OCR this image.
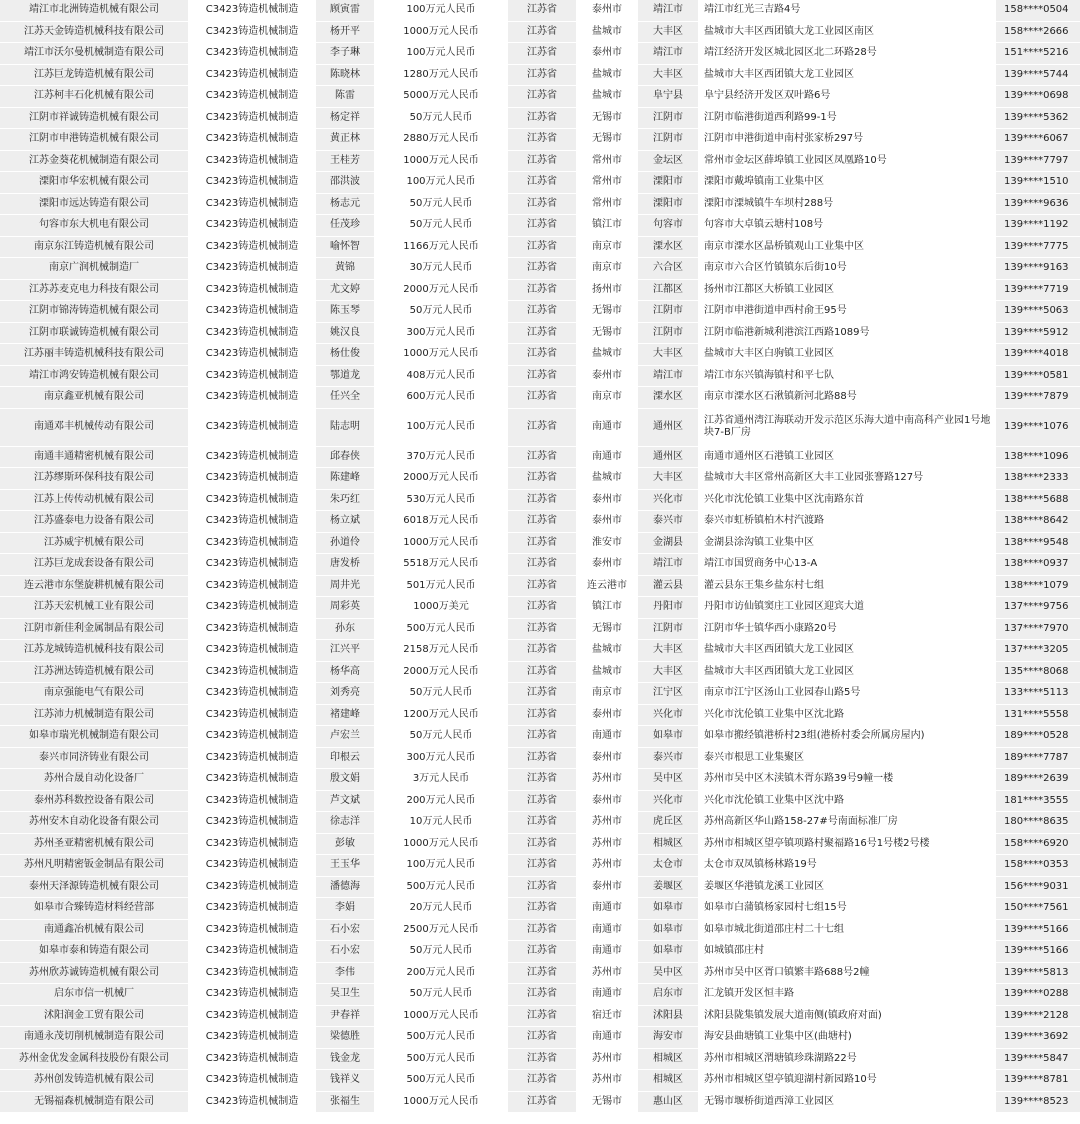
靖江市北洲铸造机械有限公司	C3423铸造机械制造	顾寅雷	100万元人民币	江苏省	泰州市	靖江市	靖江市红光三吉路4号	158****0504
江苏天金铸造机械科技有限公司	C3423铸造机械制造	杨开平	1000万元人民币	江苏省	盐城市	大丰区	盐城市大丰区西团镇大龙工业园区南区	158****2666
靖江市沃尔曼机械制造有限公司	C3423铸造机械制造	李子琳	100万元人民币	江苏省	泰州市	靖江市	靖江经济开发区城北园区北二环路28号	151****5216
江苏巨龙铸造机械有限公司	C3423铸造机械制造	陈晓林	1280万元人民币	江苏省	盐城市	大丰区	盐城市大丰区西团镇大龙工业园区	139****5744
江苏柯丰石化机械有限公司	C3423铸造机械制造	陈雷	5000万元人民币	江苏省	盐城市	阜宁县	阜宁县经济开发区双叶路6号	139****0698
江阴市祥诚铸造机械有限公司	C3423铸造机械制造	杨定祥	50万元人民币	江苏省	无锡市	江阴市	江阴市临港街道西利路99-1号	139****5362
江阴市申港铸造机械有限公司	C3423铸造机械制造	黄正林	2880万元人民币	江苏省	无锡市	江阴市	江阴市申港街道申南村张家桥297号	139****6067
江苏金葵花机械制造有限公司	C3423铸造机械制造	王桂芳	1000万元人民币	江苏省	常州市	金坛区	常州市金坛区薛埠镇工业园区凤凰路10号	139****7797
溧阳市华宏机械有限公司	C3423铸造机械制造	邵洪波	100万元人民币	江苏省	常州市	溧阳市	溧阳市戴埠镇南工业集中区	139****1510
溧阳市远达铸造有限公司	C3423铸造机械制造	杨志元	50万元人民币	江苏省	常州市	溧阳市	溧阳市溧城镇牛车坝村288号	139****9636
句容市东大机电有限公司	C3423铸造机械制造	任茂珍	50万元人民币	江苏省	镇江市	句容市	句容市大卓镇云塘村108号	139****1192
南京东江铸造机械有限公司	C3423铸造机械制造	喻怀智	1166万元人民币	江苏省	南京市	溧水区	南京市溧水区晶桥镇观山工业集中区	139****7775
南京广润机械制造厂	C3423铸造机械制造	黄锦	30万元人民币	江苏省	南京市	六合区	南京市六合区竹镇镇东后街10号	139****9163
江苏苏麦克电力科技有限公司	C3423铸造机械制造	尤文婷	2000万元人民币	江苏省	扬州市	江都区	扬州市江都区大桥镇工业园区	139****7719
江阴市锦涛铸造机械有限公司	C3423铸造机械制造	陈玉琴	50万元人民币	江苏省	无锡市	江阴市	江阴市申港街道申西村俞王95号	139****5063
江阴市联诚铸造机械有限公司	C3423铸造机械制造	姚汉良	300万元人民币	江苏省	无锡市	江阴市	江阴市临港新城利港滨江西路1089号	139****5912
江苏丽丰铸造机械科技有限公司	C3423铸造机械制造	杨仕俊	1000万元人民币	江苏省	盐城市	大丰区	盐城市大丰区白驹镇工业园区	139****4018
靖江市鸿安铸造机械有限公司	C3423铸造机械制造	鄂道龙	408万元人民币	江苏省	泰州市	靖江市	靖江市东兴镇海镇村和平七队	139****0581
南京鑫亚机械有限公司	C3423铸造机械制造	任兴全	600万元人民币	江苏省	南京市	溧水区	南京市溧水区石湫镇新河北路88号	139****7879
南通邓丰机械传动有限公司	C3423铸造机械制造	陆志明	100万元人民币	江苏省	南通市	通州区	江苏省通州湾江海联动开发示范区乐海大道中南高科产业园1号地块7-B厂房	139****1076
南通丰通精密机械有限公司	C3423铸造机械制造	邱春侠	370万元人民币	江苏省	南通市	通州区	南通市通州区石港镇工业园区	138****1096
江苏缪斯环保科技有限公司	C3423铸造机械制造	陈建峰	2000万元人民币	江苏省	盐城市	大丰区	盐城市大丰区常州高新区大丰工业园张謇路127号	138****2333
江苏上传传动机械有限公司	C3423铸造机械制造	朱巧红	530万元人民币	江苏省	泰州市	兴化市	兴化市沈伦镇工业集中区沈南路东首	138****5688
江苏盛泰电力设备有限公司	C3423铸造机械制造	杨立斌	6018万元人民币	江苏省	泰州市	泰兴市	泰兴市虹桥镇柏木村汽渡路	138****8642
江苏威宇机械有限公司	C3423铸造机械制造	孙道伶	1000万元人民币	江苏省	淮安市	金湖县	金湖县涂沟镇工业集中区	138****9548
江苏巨龙成套设备有限公司	C3423铸造机械制造	唐发桥	5518万元人民币	江苏省	泰州市	靖江市	靖江市国贸商务中心13-A	138****0937
连云港市东堡旋耕机械有限公司	C3423铸造机械制造	周井光	501万元人民币	江苏省	连云港市	灌云县	灌云县东王集乡盐东村七组	138****1079
江苏天宏机械工业有限公司	C3423铸造机械制造	周彩英	1000万美元	江苏省	镇江市	丹阳市	丹阳市访仙镇窦庄工业园区迎宾大道	137****9756
江阴市新佳利金属制品有限公司	C3423铸造机械制造	孙东	500万元人民币	江苏省	无锡市	江阴市	江阴市华士镇华西小康路20号	137****7970
江苏龙城铸造机械科技有限公司	C3423铸造机械制造	江兴平	2158万元人民币	江苏省	盐城市	大丰区	盐城市大丰区西团镇大龙工业园区	137****3205
江苏洲达铸造机械有限公司	C3423铸造机械制造	杨华高	2000万元人民币	江苏省	盐城市	大丰区	盐城市大丰区西团镇大龙工业园区	135****8068
南京强能电气有限公司	C3423铸造机械制造	刘秀亮	50万元人民币	江苏省	南京市	江宁区	南京市江宁区汤山工业园春山路5号	133****5113
江苏沛力机械制造有限公司	C3423铸造机械制造	褚建峰	1200万元人民币	江苏省	泰州市	兴化市	兴化市沈伦镇工业集中区沈北路	131****5558
如皋市瑞光机械制造有限公司	C3423铸造机械制造	卢宏兰	50万元人民币	江苏省	南通市	如皋市	如皋市搬经镇港桥村23组(港桥村委会所属房屋内)	189****0528
泰兴市同济铸业有限公司	C3423铸造机械制造	印根云	300万元人民币	江苏省	泰州市	泰兴市	泰兴市根思工业集聚区	189****7787
苏州合晟自动化设备厂	C3423铸造机械制造	殷文娟	3万元人民币	江苏省	苏州市	吴中区	苏州市吴中区木渎镇木胥东路39号9幢一楼	189****2639
泰州苏科数控设备有限公司	C3423铸造机械制造	芦文斌	200万元人民币	江苏省	泰州市	兴化市	兴化市沈伦镇工业集中区沈中路	181****3555
苏州安木自动化设备有限公司	C3423铸造机械制造	徐志洋	10万元人民币	江苏省	苏州市	虎丘区	苏州高新区华山路158-27#号南面标准厂房	180****8635
苏州圣亚精密机械有限公司	C3423铸造机械制造	彭敏	1000万元人民币	江苏省	苏州市	相城区	苏州市相城区望亭镇项路村聚福路16号1号楼2号楼	158****6920
苏州凡明精密钣金制品有限公司	C3423铸造机械制造	王玉华	100万元人民币	江苏省	苏州市	太仓市	太仓市双凤镇杨林路19号	158****0353
泰州天泽源铸造机械有限公司	C3423铸造机械制造	潘德海	500万元人民币	江苏省	泰州市	姜堰区	姜堰区华港镇龙溪工业园区	156****9031
如皋市合臻铸造材料经营部	C3423铸造机械制造	李娟	20万元人民币	江苏省	南通市	如皋市	如皋市白蒲镇杨家园村七组15号	150****7561
南通鑫冶机械有限公司	C3423铸造机械制造	石小宏	2500万元人民币	江苏省	南通市	如皋市	如皋市城北街道邵庄村二十七组	139****5166
如皋市泰和铸造有限公司	C3423铸造机械制造	石小宏	50万元人民币	江苏省	南通市	如皋市	如城镇邵庄村	139****5166
苏州欣苏诚铸造机械有限公司	C3423铸造机械制造	李伟	200万元人民币	江苏省	苏州市	吴中区	苏州市吴中区胥口镇繁丰路688号2幢	139****5813
启东市信一机械厂	C3423铸造机械制造	吴卫生	50万元人民币	江苏省	南通市	启东市	汇龙镇开发区恒丰路	139****0288
沭阳润金工贸有限公司	C3423铸造机械制造	尹春祥	1000万元人民币	江苏省	宿迁市	沭阳县	沭阳县陇集镇发展大道南侧(镇政府对面)	139****2128
南通永茂切削机械制造有限公司	C3423铸造机械制造	梁德胜	500万元人民币	江苏省	南通市	海安市	海安县曲塘镇工业集中区(曲塘村)	139****3692
苏州金优发金属科技股份有限公司	C3423铸造机械制造	钱金龙	500万元人民币	江苏省	苏州市	相城区	苏州市相城区渭塘镇珍珠湖路22号	139****5847
苏州创发铸造机械有限公司	C3423铸造机械制造	钱祥义	500万元人民币	江苏省	苏州市	相城区	苏州市相城区望亭镇迎湖村新园路10号	139****8781
无锡福森机械制造有限公司	C3423铸造机械制造	张福生	1000万元人民币	江苏省	无锡市	惠山区	无锡市堰桥街道西漳工业园区	139****8523
